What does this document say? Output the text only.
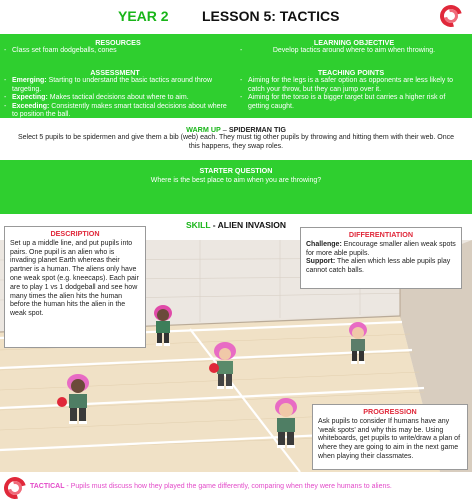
YEAR 2 LESSON 5: TACTICS
RESOURCES
- Class set foam dodgeballs, cones
LEARNING OBJECTIVE
- Develop tactics around where to aim when throwing.
ASSESSMENT
- Emerging: Starting to understand the basic tactics around throw targeting.
- Expecting: Makes tactical decisions about where to aim.
- Exceeding: Consistently makes smart tactical decisions about where to position the ball.
TEACHING POINTS
- Aiming for the legs is a safer option as opponents are less likely to catch your throw, but they can jump over it.
- Aiming for the torso is a bigger target but carries a higher risk of getting caught.
WARM UP – SPIDERMAN TIG
Select 5 pupils to be spidermen and give them a bib (web) each. They must tig other pupils by throwing and hitting them with their web. Once this happens, they swap roles.
STARTER QUESTION
Where is the best place to aim when you are throwing?
SKILL - ALIEN INVASION
DESCRIPTION
Set up a middle line, and put pupils into pairs. One pupil is an alien who is invading planet Earth whereas their partner is a human. The aliens only have one weak spot (e.g. kneecaps). Each pair are to play 1 vs 1 dodgeball and see how many times the alien hits the human before the human hits the alien in the weak spot.
DIFFERENTIATION
Challenge: Encourage smaller alien weak spots for more able pupils.
Support: The alien which less able pupils play cannot catch balls.
PROGRESSION
Ask pupils to consider If humans have any 'weak spots' and why this may be. Using whiteboards, get pupils to write/draw a plan of where they are going to aim in the next game when playing their classmates.
TACTICAL - Pupils must discuss how they played the game differently, comparing when they were humans to aliens.
